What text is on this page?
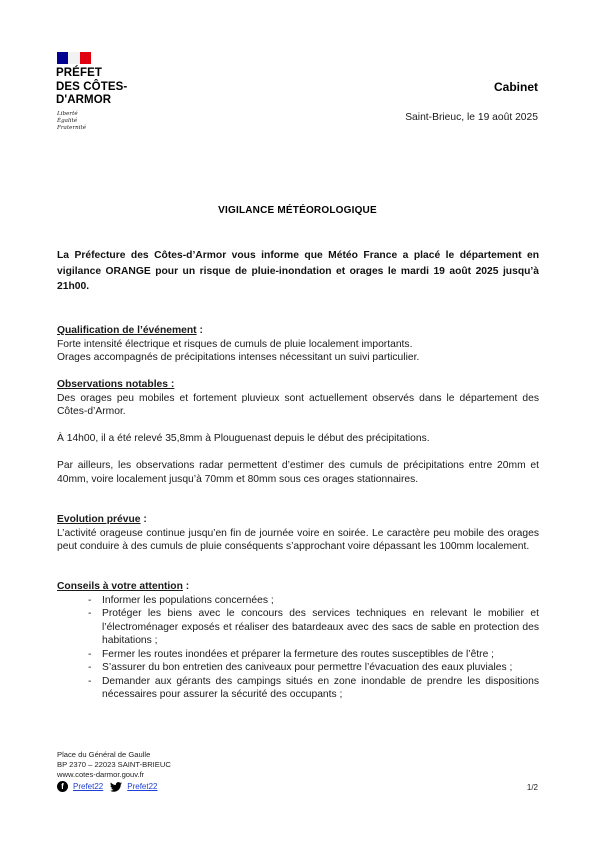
PRÉFET
DES CÔTES-
D'ARMOR
Liberté
Égalité
Fraternité
Cabinet
Saint-Brieuc, le 19 août 2025
VIGILANCE MÉTÉOROLOGIQUE
La Préfecture des Côtes-d’Armor vous informe que Météo France a placé le département en vigilance ORANGE pour un risque de pluie-inondation et orages le mardi 19 août 2025 jusqu’à 21h00.

Qualification de l’événement :

Forte intensité électrique et risques de cumuls de pluie localement importants.

Orages accompagnés de précipitations intenses nécessitant un suivi particulier.

Observations notables :

Des orages peu mobiles et fortement pluvieux sont actuellement observés dans le département des Côtes-d’Armor.

À 14h00, il a été relevé 35,8mm à Plouguenast depuis le début des précipitations.

Par ailleurs, les observations radar permettent d’estimer des cumuls de précipitations entre 20mm et 40mm, voire localement jusqu’à 70mm et 80mm sous ces orages stationnaires.

Evolution prévue :

L’activité orageuse continue jusqu’en fin de journée voire en soirée. Le caractère peu mobile des orages peut conduire à des cumuls de pluie conséquents s’approchant voire dépassant les 100mm localement.

Conseils à votre attention :

- Informer les populations concernées ;
- Protéger les biens avec le concours des services techniques en relevant le mobilier et l’électroménager exposés et réaliser des batardeaux avec des sacs de sable en protection des habitations ;
- Fermer les routes inondées et préparer la fermeture des routes susceptibles de l’être ;
- S’assurer du bon entretien des caniveaux pour permettre l’évacuation des eaux pluviales ;
- Demander aux gérants des campings situés en zone inondable de prendre les dispositions nécessaires pour assurer la sécurité des occupants ;
Place du Général de Gaulle
BP 2370 – 22023 SAINT-BRIEUC
www.cotes-darmor.gouv.fr
f	Prefet22	Prefet22	1/2
